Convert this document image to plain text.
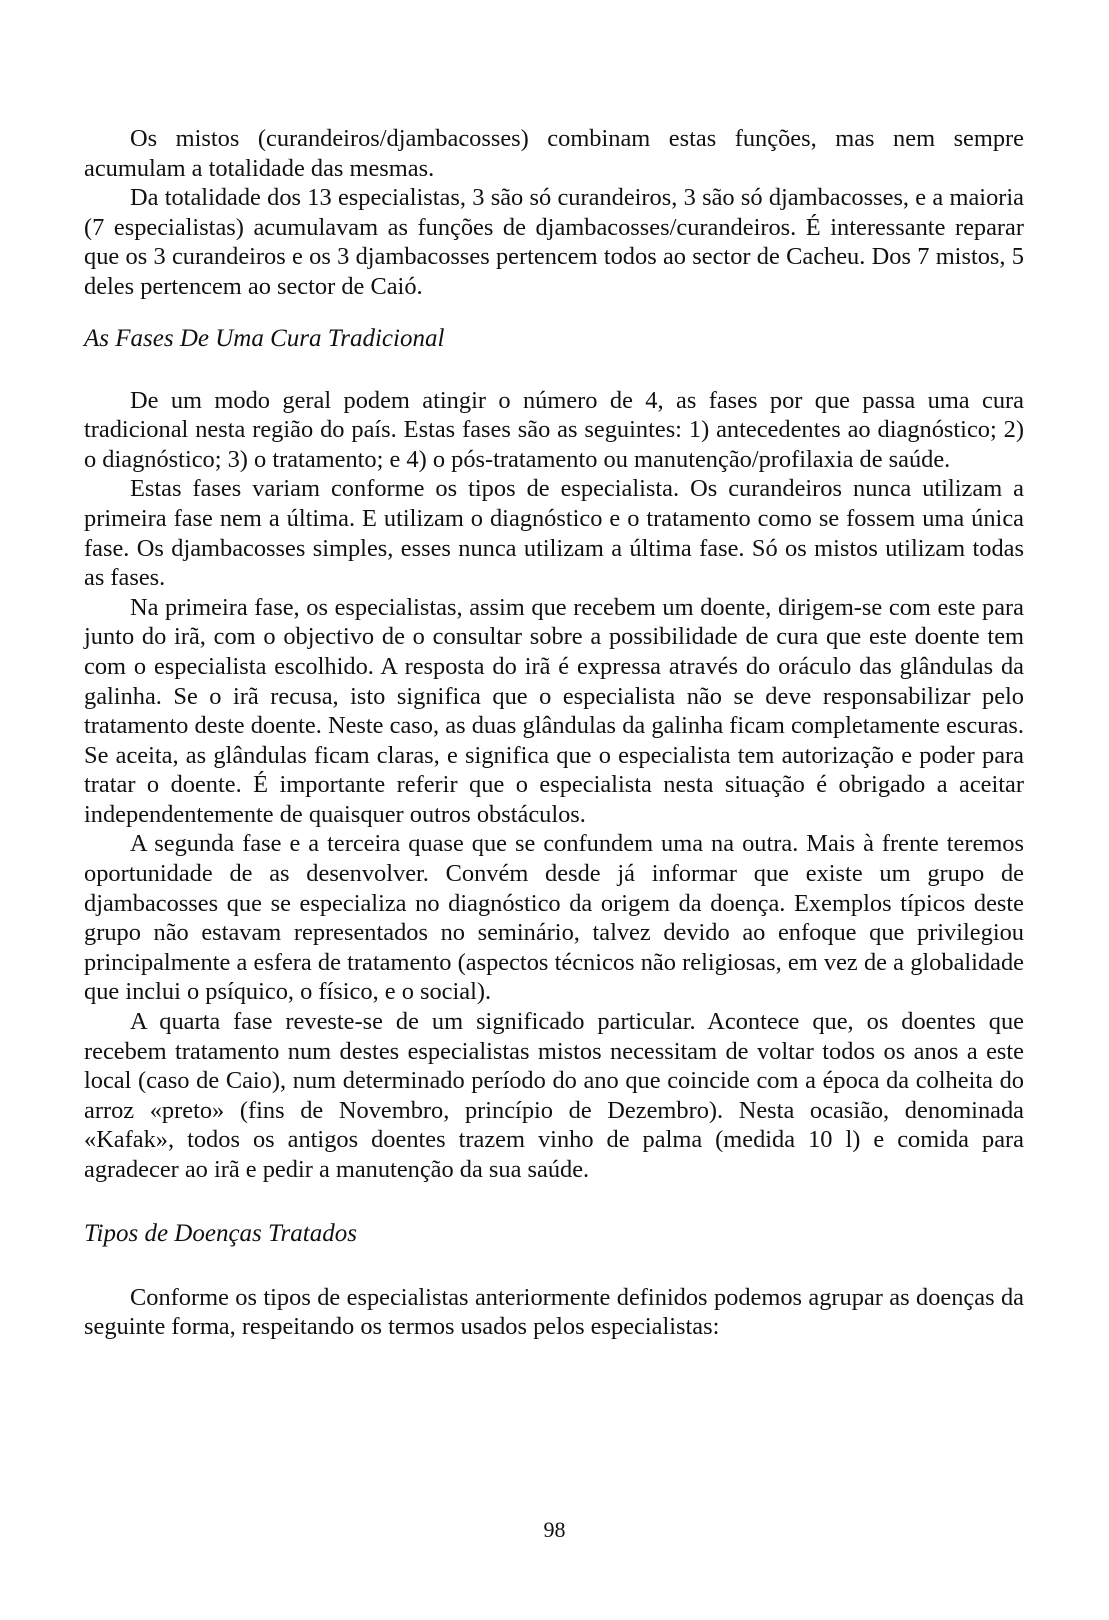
Os mistos (curandeiros/djambacosses) combinam estas funções, mas nem sempre acumulam a totalidade das mesmas.

Da totalidade dos 13 especialistas, 3 são só curandeiros, 3 são só djambacosses, e a maioria (7 especialistas) acumulavam as funções de djambacosses/curandeiros. É interessante reparar que os 3 curandeiros e os 3 djambacosses pertencem todos ao sector de Cacheu. Dos 7 mistos, 5 deles pertencem ao sector de Caió.

As Fases De Uma Cura Tradicional

De um modo geral podem atingir o número de 4, as fases por que passa uma cura tradicional nesta região do país. Estas fases são as seguintes: 1) antecedentes ao diagnóstico; 2) o diagnóstico; 3) o tratamento; e 4) o pós-tratamento ou manutenção/profilaxia de saúde.

Estas fases variam conforme os tipos de especialista. Os curandeiros nunca utilizam a primeira fase nem a última. E utilizam o diagnóstico e o tratamento como se fossem uma única fase. Os djambacosses simples, esses nunca utilizam a última fase. Só os mistos utilizam todas as fases.

Na primeira fase, os especialistas, assim que recebem um doente, dirigem-se com este para junto do irã, com o objectivo de o consultar sobre a possibilidade de cura que este doente tem com o especialista escolhido. A resposta do irã é expressa através do oráculo das glândulas da galinha. Se o irã recusa, isto significa que o especialista não se deve responsabilizar pelo tratamento deste doente. Neste caso, as duas glândulas da galinha ficam completamente escuras. Se aceita, as glândulas ficam claras, e significa que o especialista tem autorização e poder para tratar o doente. É importante referir que o especialista nesta situação é obrigado a aceitar independentemente de quaisquer outros obstáculos.

A segunda fase e a terceira quase que se confundem uma na outra. Mais à frente teremos oportunidade de as desenvolver. Convém desde já informar que existe um grupo de djambacosses que se especializa no diagnóstico da origem da doença. Exemplos típicos deste grupo não estavam representados no seminário, talvez devido ao enfoque que privilegiou principalmente a esfera de tratamento (aspectos técnicos não religiosas, em vez de a globalidade que inclui o psíquico, o físico, e o social).

A quarta fase reveste-se de um significado particular. Acontece que, os doentes que recebem tratamento num destes especialistas mistos necessitam de voltar todos os anos a este local (caso de Caio), num determinado período do ano que coincide com a época da colheita do arroz «preto» (fins de Novembro, princípio de Dezembro). Nesta ocasião, denominada «Kafak», todos os antigos doentes trazem vinho de palma (medida 10 l) e comida para agradecer ao irã e pedir a manutenção da sua saúde.

Tipos de Doenças Tratados

Conforme os tipos de especialistas anteriormente definidos podemos agrupar as doenças da seguinte forma, respeitando os termos usados pelos especialistas:

98
